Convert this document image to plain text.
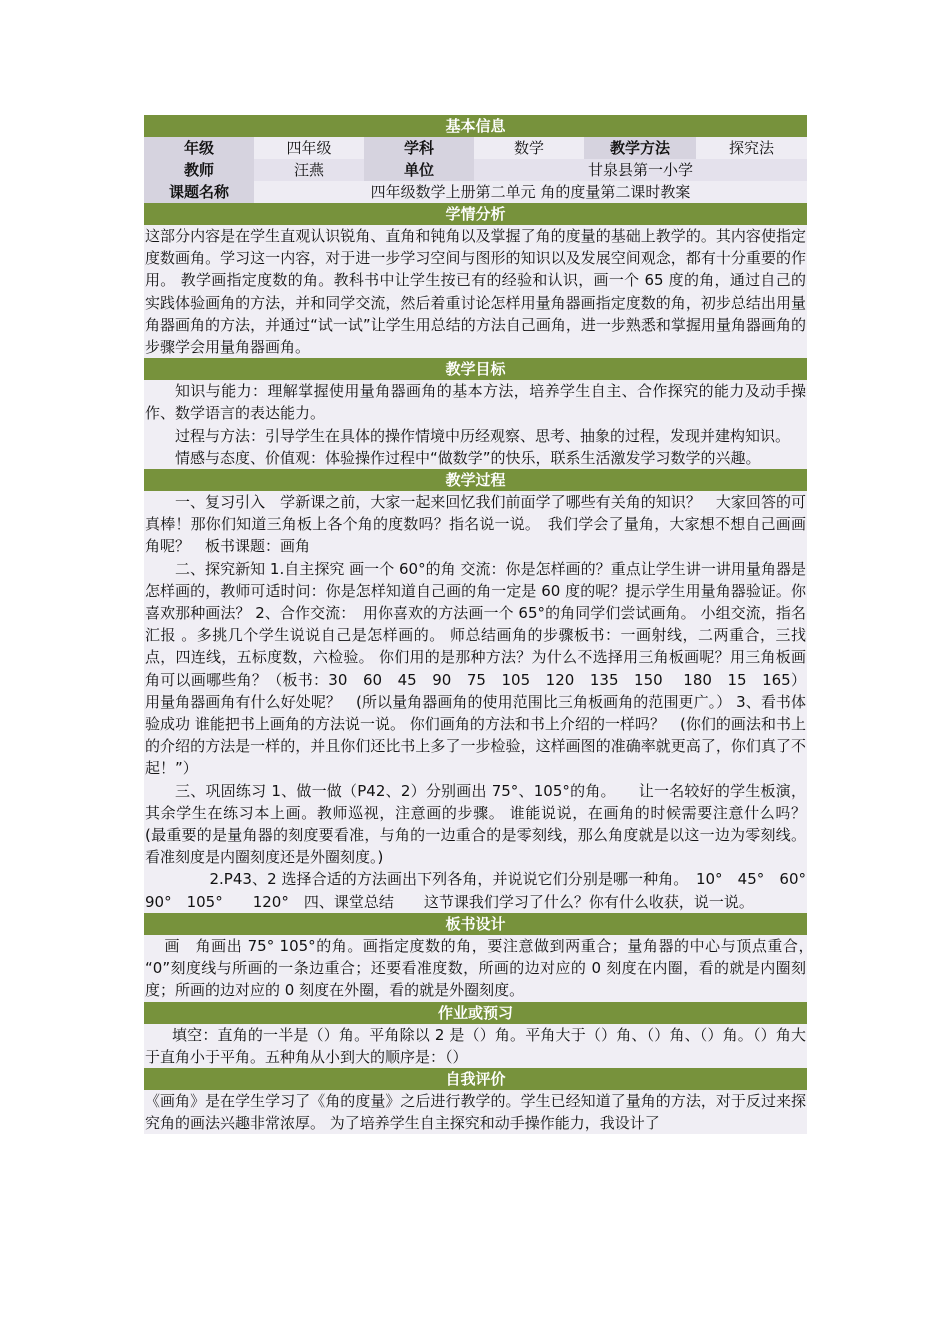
基本信息
年级	四年级	学科	数学	教学方法	探究法
教师	汪燕	单位	甘泉县第一小学
课题名称	四年级数学上册第二单元 角的度量第二课时教案
学情分析

这部分内容是在学生直观认识锐角、直角和钝角以及掌握了角的度量的基础上教学的。其内容使指定度数画角。学习这一内容，对于进一步学习空间与图形的知识以及发展空间观念，都有十分重要的作用。 教学画指定度数的角。教科书中让学生按已有的经验和认识，画一个 65 度的角，通过自己的实践体验画角的方法，并和同学交流，然后着重讨论怎样用量角器画指定度数的角，初步总结出用量角器画角的方法，并通过“试一试”让学生用总结的方法自己画角，进一步熟悉和掌握用量角器画角的步骤学会用量角器画角。

教学目标

知识与能力：理解掌握使用量角器画角的基本方法，培养学生自主、合作探究的能力及动手操作、数学语言的表达能力。

过程与方法：引导学生在具体的操作情境中历经观察、思考、抽象的过程，发现并建构知识。

情感与态度、价值观：体验操作过程中“做数学”的快乐，联系生活激发学习数学的兴趣。

教学过程

一、复习引入　学新课之前，大家一起来回忆我们前面学了哪些有关角的知识？　大家回答的可真棒！那你们知道三角板上各个角的度数吗？指名说一说。　我们学会了量角，大家想不想自己画画角呢？　板书课题：画角

二、探究新知 1.自主探究 画一个 60°的角 交流：你是怎样画的？重点让学生讲一讲用量角器是怎样画的，教师可适时问：你是怎样知道自己画的角一定是 60 度的呢？提示学生用量角器验证。你喜欢那种画法？ 2、合作交流：　用你喜欢的方法画一个 65°的角同学们尝试画角。 小组交流，指名汇报 。多挑几个学生说说自己是怎样画的。 师总结画角的步骤板书：一画射线，二两重合，三找点，四连线，五标度数，六检验。 你们用的是那种方法？为什么不选择用三角板画呢？用三角板画角可以画哪些角？（板书：30　60　45　90　75　105　120　135　150　 180　15　165）用量角器画角有什么好处呢？　(所以量角器画角的使用范围比三角板画角的范围更广。） 3、看书体验成功 谁能把书上画角的方法说一说。 你们画角的方法和书上介绍的一样吗？　(你们的画法和书上的介绍的方法是一样的，并且你们还比书上多了一步检验，这样画图的准确率就更高了，你们真了不起！”）

三、巩固练习 1、做一做（P42、2）分别画出 75°、105°的角。　　让一名较好的学生板演，其余学生在练习本上画。教师巡视，注意画的步骤。 谁能说说，在画角的时候需要注意什么吗？　(最重要的是量角器的刻度要看准，与角的一边重合的是零刻线，那么角度就是以这一边为零刻线。看准刻度是内圈刻度还是外圈刻度。)

2.P43、2 选择合适的方法画出下列各角，并说说它们分别是哪一种角。　10°　45°　60°　90°　105°　　120°　四、课堂总结　　这节课我们学习了什么？你有什么收获，说一说。

板书设计

画　角画出 75° 105°的角。画指定度数的角，要注意做到两重合；量角器的中心与顶点重合，　“0”刻度线与所画的一条边重合；还要看准度数，所画的边对应的 0 刻度在内圈，看的就是内圈刻度；所画的边对应的 0 刻度在外圈，看的就是外圈刻度。

作业或预习

填空：直角的一半是（）角。平角除以 2 是（）角。平角大于（）角、（）角、（）角。（）角大于直角小于平角。五种角从小到大的顺序是：（）

自我评价

《画角》是在学生学习了《角的度量》之后进行教学的。学生已经知道了量角的方法，对于反过来探究角的画法兴趣非常浓厚。 为了培养学生自主探究和动手操作能力，我设计了
